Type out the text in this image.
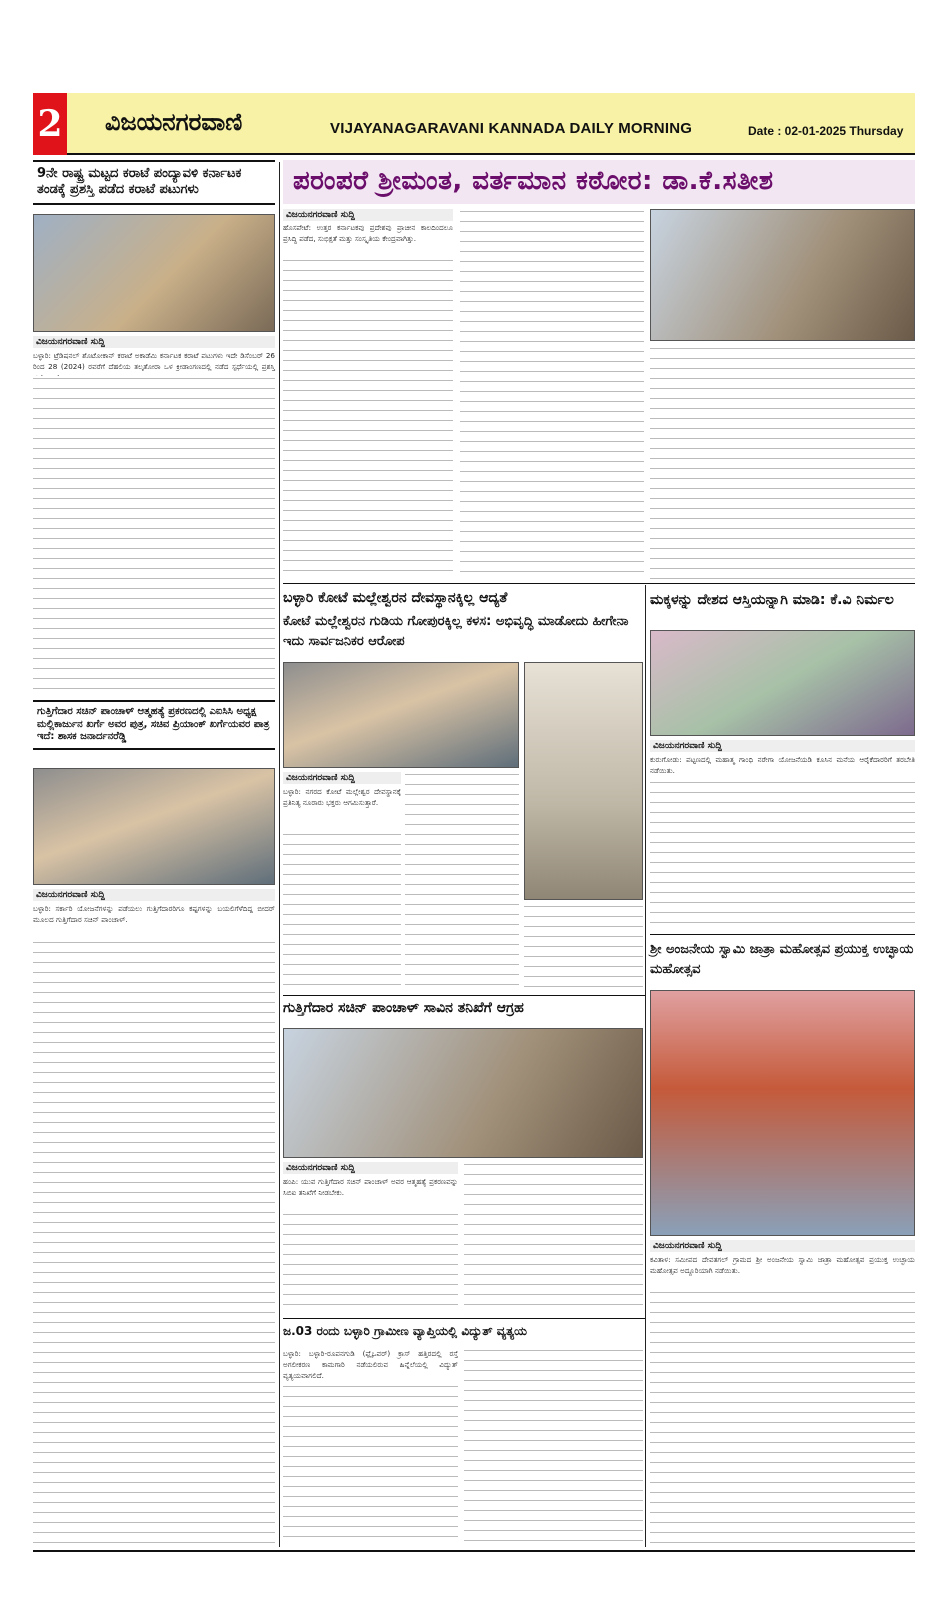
2 ವಿಜಯನಗರವಾಣಿ	VIJAYANAGARAVANI KANNADA DAILY MORNING	Date : 02-01-2025 Thursday
9ನೇ ರಾಷ್ಟ್ರ ಮಟ್ಟದ ಕರಾಟೆ ಪಂದ್ಯಾವಳಿ ಕರ್ನಾಟಕ ತಂಡಕ್ಕೆ ಪ್ರಶಸ್ತಿ ಪಡೆದ ಕರಾಟೆ ಪಟುಗಳು
ವಿಜಯನಗರವಾಣಿ ಸುದ್ದಿ

ಬಳ್ಳಾರಿ: ಟ್ರೆಡಿಷನಲ್ ಶೊಟೋಕಾನ್ ಕರಾಟೆ ಅಕಾಡೆಮಿ ಕರ್ನಾಟಕ ಕರಾಟೆ ಪಟುಗಳು ಇದೇ ಡಿಸೆಂಬರ್ 26 ರಿಂದ 28 (2024) ರವರೆಗೆ ದೆಹಲಿಯ ತಲ್ಕತೋರಾ ಒಳ ಕ್ರೀಡಾಂಗಣದಲ್ಲಿ ನಡೆದ ಸ್ಪರ್ಧೆಯಲ್ಲಿ ಪ್ರಶಸ್ತಿ

ಗುತ್ತಿಗೆದಾರ ಸಚಿನ್ ಪಾಂಚಾಳ್ ಆತ್ಮಹತ್ಯೆ ಪ್ರಕರಣದಲ್ಲಿ ಎಐಸಿಸಿ ಅಧ್ಯಕ್ಷ ಮಲ್ಲಿಕಾರ್ಜುನ ಖರ್ಗೆ ಅವರ ಪುತ್ರ, ಸಚಿವ ಪ್ರಿಯಾಂಕ್ ಖರ್ಗೆಯವರ ಪಾತ್ರ ಇದೆ: ಶಾಸಕ ಜನಾರ್ದನರೆಡ್ಡಿ
ವಿಜಯನಗರವಾಣಿ ಸುದ್ದಿ

ಬಳ್ಳಾರಿ: ಸರ್ಕಾರಿ ಯೋಜನೆಗಳನ್ನು ಪಡೆಯಲು ಗುತ್ತಿಗೆದಾರರಿಗೂ ಕಷ್ಟಗಳನ್ನು ಬಯಲಿಗೆಳೆದಿದ್ದ ಬೀದರ್ ಮೂಲದ ಗುತ್ತಿಗೆದಾರ ಸಚಿನ್ ಪಾಂಚಾಳ್.

ಪರಂಪರೆ ಶ್ರೀಮಂತ, ವರ್ತಮಾನ ಕಠೋರ: ಡಾ.ಕೆ.ಸತೀಶ
ವಿಜಯನಗರವಾಣಿ ಸುದ್ದಿ

ಹೊಸಪೇಟೆ: ಉತ್ತರ ಕರ್ನಾಟಕವು ಪ್ರದೇಶವು ಪ್ರಾಚೀನ ಕಾಲದಿಂದಲೂ ಪ್ರಸಿದ್ಧಿ ಪಡೆದ, ಸುಭಿಕ್ಷತೆ ಮತ್ತು ಸಂಸ್ಕೃತಿಯ ಕೇಂದ್ರವಾಗಿತ್ತು.

ಬಳ್ಳಾರಿ ಕೋಟೆ ಮಲ್ಲೇಶ್ವರನ ದೇವಸ್ಥಾನಕ್ಕಿಲ್ಲ ಆದ್ಯತೆ
ಕೋಟೆ ಮಲ್ಲೇಶ್ವರನ ಗುಡಿಯ ಗೋಪುರಕ್ಕಿಲ್ಲ ಕಳಸ: ಅಭಿವೃದ್ಧಿ ಮಾಡೋದು ಹೀಗೇನಾ ಇದು ಸಾರ್ವಜನಿಕರ ಆರೋಪ
ವಿಜಯನಗರವಾಣಿ ಸುದ್ದಿ

ಬಳ್ಳಾರಿ: ನಗರದ ಕೋಟೆ ಮಲ್ಲೇಶ್ವರ ದೇವಸ್ಥಾನಕ್ಕೆ ಪ್ರತಿನಿತ್ಯ ನೂರಾರು ಭಕ್ತರು ಆಗಮಿಸುತ್ತಾರೆ.

ಗುತ್ತಿಗೆದಾರ ಸಚಿನ್ ಪಾಂಚಾಳ್ ಸಾವಿನ ತನಿಖೆಗೆ ಆಗ್ರಹ
ವಿಜಯನಗರವಾಣಿ ಸುದ್ದಿ

ಹಂಪಿ: ಯುವ ಗುತ್ತಿಗೆದಾರ ಸಚಿನ್ ಪಾಂಚಾಳ್ ಅವರ ಆತ್ಮಹತ್ಯೆ ಪ್ರಕರಣವನ್ನು ಸಿಬಿಐ ತನಿಖೆಗೆ ನೀಡಬೇಕು.

ಜ.03 ರಂದು ಬಳ್ಳಾರಿ ಗ್ರಾಮೀಣ ವ್ಯಾಪ್ತಿಯಲ್ಲಿ ವಿದ್ಯುತ್ ವ್ಯತ್ಯಯ

ಬಳ್ಳಾರಿ: ಬಳ್ಳಾರಿ-ರೂಪನಗುಡಿ (ಫ್ಲೈಒವರ್) ಕ್ರಾಸ್ ಹತ್ತಿರದಲ್ಲಿ ರಸ್ತೆ ಅಗಲೀಕರಣ ಕಾಮಗಾರಿ ನಡೆಯಲಿರುವ ಹಿನ್ನೆಲೆಯಲ್ಲಿ ವಿದ್ಯುತ್ ವ್ಯತ್ಯಯವಾಗಲಿದೆ.

ಮಕ್ಕಳನ್ನು ದೇಶದ ಆಸ್ತಿಯನ್ನಾಗಿ ಮಾಡಿ: ಕೆ.ವಿ ನಿರ್ಮಲ
ವಿಜಯನಗರವಾಣಿ ಸುದ್ದಿ

ಕುರುಗೋಡು: ಪಟ್ಟಣದಲ್ಲಿ ಮಹಾತ್ಮ ಗಾಂಧಿ ನರೇಗಾ ಯೋಜನೆಯಡಿ ಕೂಸಿನ ಮನೆಯ ಆರೈಕೆದಾರರಿಗೆ ತರಬೇತಿ ನಡೆಯಿತು.

ಶ್ರೀ ಅಂಜನೇಯ ಸ್ವಾಮಿ ಜಾತ್ರಾ ಮಹೋತ್ಸವ ಪ್ರಯುಕ್ತ ಉಚ್ಛಾಯ ಮಹೋತ್ಸವ
ವಿಜಯನಗರವಾಣಿ ಸುದ್ದಿ

ಕವಿತಾಳ: ಸಮೀಪದ ದೇವತಗಲ್ ಗ್ರಾಮದ ಶ್ರೀ ಅಂಜನೇಯ ಸ್ವಾಮಿ ಜಾತ್ರಾ ಮಹೋತ್ಸವ ಪ್ರಯುಕ್ತ ಉಚ್ಛಾಯ ಮಹೋತ್ಸವ ಅದ್ದೂರಿಯಾಗಿ ನಡೆಯಿತು.
